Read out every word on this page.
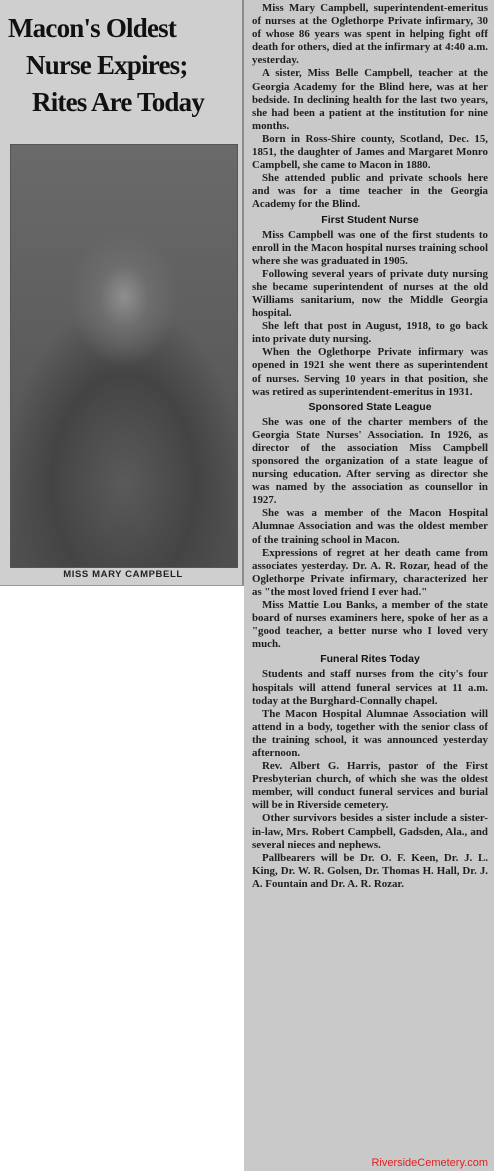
Macon's Oldest
Nurse Expires;
Rites Are Today
MISS MARY CAMPBELL

Miss Mary Campbell, superintendent-emeritus of nurses at the Oglethorpe Private infirmary, 30 of whose 86 years was spent in helping fight off death for others, died at the infirmary at 4:40 a.m. yesterday.

A sister, Miss Belle Campbell, teacher at the Georgia Academy for the Blind here, was at her bedside. In declining health for the last two years, she had been a patient at the institution for nine months.

Born in Ross-Shire county, Scotland, Dec. 15, 1851, the daughter of James and Margaret Monro Campbell, she came to Macon in 1880.

She attended public and private schools here and was for a time teacher in the Georgia Academy for the Blind.

First Student Nurse

Miss Campbell was one of the first students to enroll in the Macon hospital nurses training school where she was graduated in 1905.

Following several years of private duty nursing she became superintendent of nurses at the old Williams sanitarium, now the Middle Georgia hospital.

She left that post in August, 1918, to go back into private duty nursing.

When the Oglethorpe Private infirmary was opened in 1921 she went there as superintendent of nurses. Serving 10 years in that position, she was retired as superintendent-emeritus in 1931.

Sponsored State League

She was one of the charter members of the Georgia State Nurses' Association. In 1926, as director of the association Miss Campbell sponsored the organization of a state league of nursing education. After serving as director she was named by the association as counsellor in 1927.

She was a member of the Macon Hospital Alumnae Association and was the oldest member of the training school in Macon.

Expressions of regret at her death came from associates yesterday. Dr. A. R. Rozar, head of the Oglethorpe Private infirmary, characterized her as "the most loved friend I ever had."

Miss Mattie Lou Banks, a member of the state board of nurses examiners here, spoke of her as a "good teacher, a better nurse who I loved very much.

Funeral Rites Today

Students and staff nurses from the city's four hospitals will attend funeral services at 11 a.m. today at the Burghard-Connally chapel.

The Macon Hospital Alumnae Association will attend in a body, together with the senior class of the training school, it was announced yesterday afternoon.

Rev. Albert G. Harris, pastor of the First Presbyterian church, of which she was the oldest member, will conduct funeral services and burial will be in Riverside cemetery.

Other survivors besides a sister include a sister-in-law, Mrs. Robert Campbell, Gadsden, Ala., and several nieces and nephews.

Pallbearers will be Dr. O. F. Keen, Dr. J. L. King, Dr. W. R. Golsen, Dr. Thomas H. Hall, Dr. J. A. Fountain and Dr. A. R. Rozar.

RiversideCemetery.com
